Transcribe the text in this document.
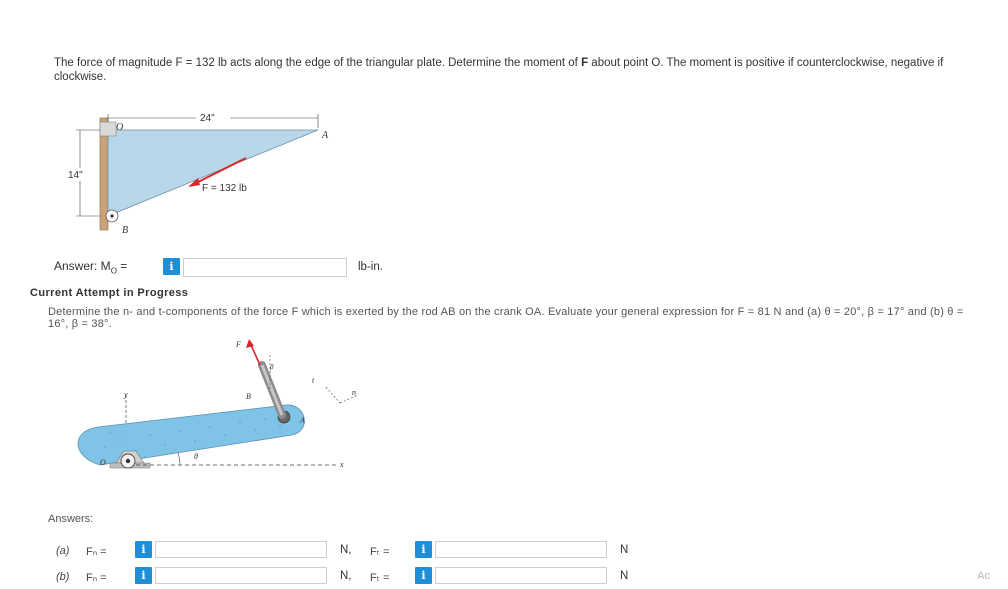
The force of magnitude F = 132 lb acts along the edge of the triangular plate. Determine the moment of F about point O. The moment is positive if counterclockwise, negative if clockwise.
24"
14"
O
A
B
F = 132 lb
Answer: $M_O$ =	i	lb-in.
Current Attempt in Progress
Determine the n- and t-components of the force F which is exerted by the rod AB on the crank OA. Evaluate your general expression for F = 81 N and (a) θ = 20°, β = 17° and (b) θ = 16°, β = 38°.
y
O	x
θ
A
B
F
β
t
n
Answers:
(a) Fₙ =	i	N, Fₜ =	i	N
(b) Fₙ =	i	N, Fₜ =	i	N	Ac
